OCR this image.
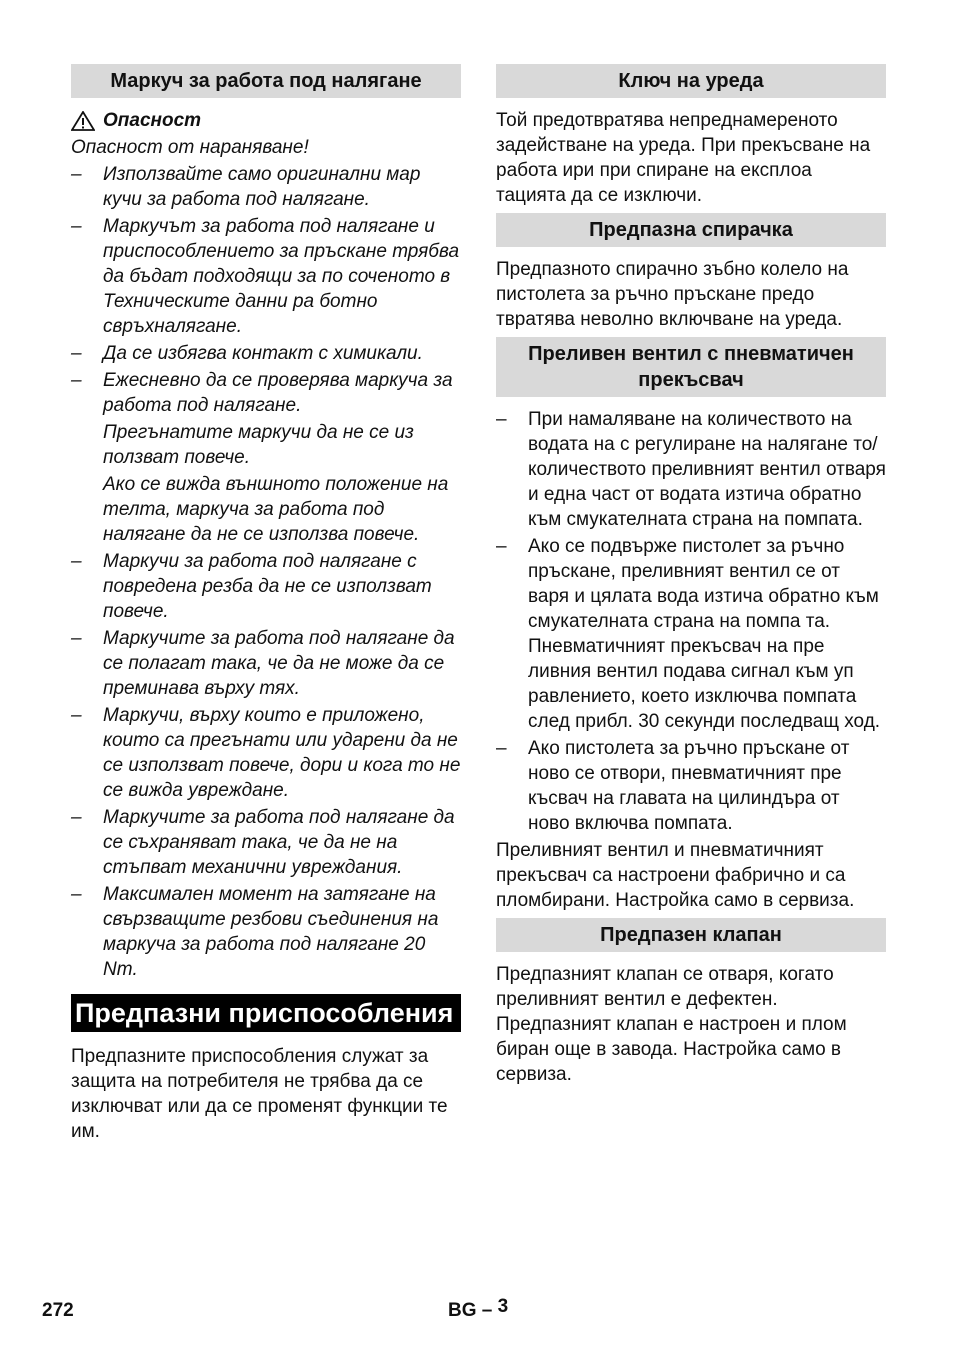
Маркуч за работа под налягане
Опасност
Опасност от нараняване!
– Използвайте само оригинални мар кучи за работа под налягане.
– Маркучът за работа под налягане и приспособлението за пръскане трябва да бъдат подходящи за по соченото в Техническите данни ра ботно свръхналягане.
– Да се избягва контакт с химикали.
– Ежесневно да се проверява маркуча за работа под налягане.
Прегънатите маркучи да не се из ползват повече.
Ако се вижда външното положение на телта, маркуча за работа под налягане да не се използва повече.
– Маркучи за работа под налягане с повредена резба да не се използват повече.
– Маркучите за работа под налягане да се полагат така, че да не може да се преминава върху тях.
– Маркучи, върху които е приложено, които са прегънати или ударени да не се използват повече, дори и кога то не се вижда увреждане.
– Маркучите за работа под налягане да се съхраняват така, че да не на стъпват механични увреждания.
– Максимален момент на затягане на свързващите резбови съединения на маркуча за работа под налягане 20 Nm.
Предпазни приспособления
Предпазните приспособления служат за защита на потребителя не трябва да се изключват или да се променят функции те им.
Ключ на уреда
Той предотвратява непреднамереното задействане на уреда. При прекъсване на работа ири при спиране на експлоа тацията да се изключи.
Предпазна спирачка
Предпазното спирачно зъбно колело на пистолета за ръчно пръскане предо твратява неволно включване на уреда.
Преливен вентил с пневматичен прекъсвач
– При намаляване на количеството на водата на с регулиране на налягане то/количеството преливният вентил отваря и една част от водата изтича обратно към смукателната страна на помпата.
– Ако се подвърже пистолет за ръчно пръскане, преливният вентил се от варя и цялата вода изтича обратно към смукателната страна на помпа та. Пневматичният прекъсвач на пре ливния вентил подава сигнал към уп равлението, което изключва помпата след прибл. 30 секунди последващ ход.
– Ако пистолета за ръчно пръскане от ново се отвори, пневматичният пре късвач на главата на цилиндъра от ново включва помпата.
Преливният вентил и пневматичният прекъсвач са настроени фабрично и са пломбирани. Настройка само в сервиза.
Предпазен клапан
Предпазният клапан се отваря, когато преливният вентил е дефектен. Предпазният клапан е настроен и плом биран още в завода. Настройка само в сервиза.
272	BG – 3
